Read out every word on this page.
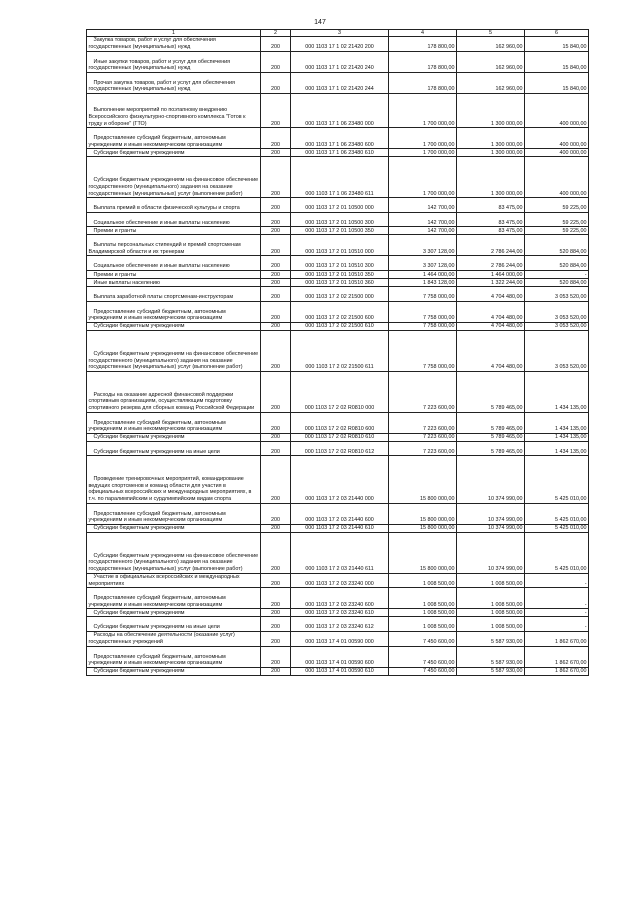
147
1	2	3	4	5	6
Закупка товаров, работ и услуг для обеспечения государственных (муниципальных) нужд	200	000 1103 17 1 02 21420 200	178 800,00	162 960,00	15 840,00
Иные закупки товаров, работ и услуг для обеспечения государственных (муниципальных) нужд	200	000 1103 17 1 02 21420 240	178 800,00	162 960,00	15 840,00
Прочая закупка товаров, работ и услуг для обеспечения государственных (муниципальных) нужд	200	000 1103 17 1 02 21420 244	178 800,00	162 960,00	15 840,00
Выполнение мероприятий по поэтапному внедрению Всероссийского физкультурно-спортивного комплекса "Готов к труду и обороне" (ГТО)	200	000 1103 17 1 06 23480 000	1 700 000,00	1 300 000,00	400 000,00
Предоставление субсидий бюджетным, автономным учреждениям и иным некоммерческим организациям	200	000 1103 17 1 06 23480 600	1 700 000,00	1 300 000,00	400 000,00
Субсидии бюджетным учреждениям	200	000 1103 17 1 06 23480 610	1 700 000,00	1 300 000,00	400 000,00
Субсидии бюджетным учреждениям на финансовое обеспечение государственного (муниципального) задания на оказание государственных (муниципальных) услуг (выполнение работ)	200	000 1103 17 1 06 23480 611	1 700 000,00	1 300 000,00	400 000,00
Выплата премий в области физической культуры и спорта	200	000 1103 17 2 01 10500 000	142 700,00	83 475,00	59 225,00
Социальное обеспечение и иные выплаты населению	200	000 1103 17 2 01 10500 300	142 700,00	83 475,00	59 225,00
Премии и гранты	200	000 1103 17 2 01 10500 350	142 700,00	83 475,00	59 225,00
Выплаты персональных стипендий и премий спортсменам Владимирской области и их тренерам	200	000 1103 17 2 01 10510 000	3 307 128,00	2 786 244,00	520 884,00
Социальное обеспечение и иные выплаты населению	200	000 1103 17 2 01 10510 300	3 307 128,00	2 786 244,00	520 884,00
Премии и гранты	200	000 1103 17 2 01 10510 350	1 464 000,00	1 464 000,00	-
Иные выплаты населению	200	000 1103 17 2 01 10510 360	1 843 128,00	1 322 244,00	520 884,00
Выплата заработной платы спортсменам-инструкторам	200	000 1103 17 2 02 21500 000	7 758 000,00	4 704 480,00	3 053 520,00
Предоставление субсидий бюджетным, автономным учреждениям и иным некоммерческим организациям	200	000 1103 17 2 02 21500 600	7 758 000,00	4 704 480,00	3 053 520,00
Субсидии бюджетным учреждениям	200	000 1103 17 2 02 21500 610	7 758 000,00	4 704 480,00	3 053 520,00
Субсидии бюджетным учреждениям на финансовое обеспечение государственного (муниципального) задания на оказание государственных (муниципальных) услуг (выполнение работ)	200	000 1103 17 2 02 21500 611	7 758 000,00	4 704 480,00	3 053 520,00
Расходы на оказание адресной финансовой поддержки спортивным организациям, осуществляющим подготовку спортивного резерва для сборных команд Российской Федерации	200	000 1103 17 2 02 R0810 000	7 223 600,00	5 789 465,00	1 434 135,00
Предоставление субсидий бюджетным, автономным учреждениям и иным некоммерческим организациям	200	000 1103 17 2 02 R0810 600	7 223 600,00	5 789 465,00	1 434 135,00
Субсидии бюджетным учреждениям	200	000 1103 17 2 02 R0810 610	7 223 600,00	5 789 465,00	1 434 135,00
Субсидии бюджетным учреждениям на иные цели	200	000 1103 17 2 02 R0810 612	7 223 600,00	5 789 465,00	1 434 135,00
Проведение тренировочных мероприятий, командирование ведущих спортсменов и команд области для участия в официальных всероссийских и международных мероприятиях, в т.ч. по паралимпийским и сурдлимпийским видам спорта	200	000 1103 17 2 03 21440 000	15 800 000,00	10 374 990,00	5 425 010,00
Предоставление субсидий бюджетным, автономным учреждениям и иным некоммерческим организациям	200	000 1103 17 2 03 21440 600	15 800 000,00	10 374 990,00	5 425 010,00
Субсидии бюджетным учреждениям	200	000 1103 17 2 03 21440 610	15 800 000,00	10 374 990,00	5 425 010,00
Субсидии бюджетным учреждениям на финансовое обеспечение государственного (муниципального) задания на оказание государственных (муниципальных) услуг (выполнение работ)	200	000 1103 17 2 03 21440 611	15 800 000,00	10 374 990,00	5 425 010,00
Участие в официальных всероссийских и международных мероприятиях	200	000 1103 17 2 03 23240 000	1 008 500,00	1 008 500,00	-
Предоставление субсидий бюджетным, автономным учреждениям и иным некоммерческим организациям	200	000 1103 17 2 03 23240 600	1 008 500,00	1 008 500,00	-
Субсидии бюджетным учреждениям	200	000 1103 17 2 03 23240 610	1 008 500,00	1 008 500,00	-
Субсидии бюджетным учреждениям на иные цели	200	000 1103 17 2 03 23240 612	1 008 500,00	1 008 500,00	-
Расходы на обеспечение деятельности (оказание услуг) государственных учреждений	200	000 1103 17 4 01 00590 000	7 450 600,00	5 587 930,00	1 862 670,00
Предоставление субсидий бюджетным, автономным учреждениям и иным некоммерческим организациям	200	000 1103 17 4 01 00590 600	7 450 600,00	5 587 930,00	1 862 670,00
Субсидии бюджетным учреждениям	200	000 1103 17 4 01 00590 610	7 450 600,00	5 587 930,00	1 862 670,00
